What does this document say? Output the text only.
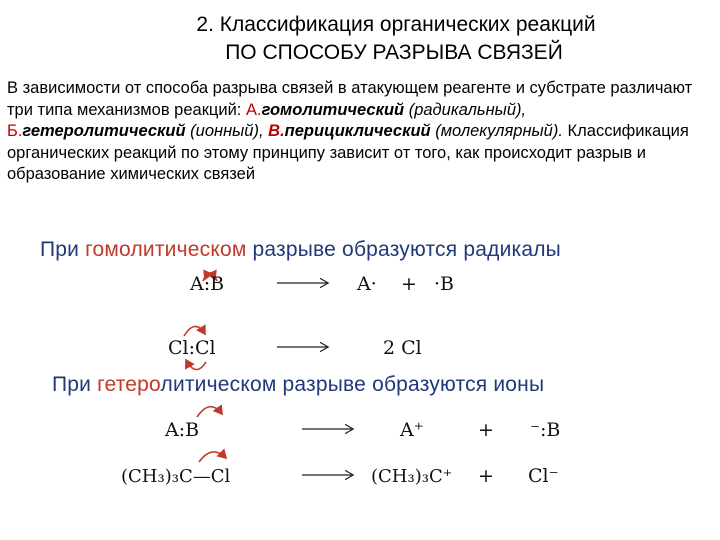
2. Классификация органических реакций

ПО СПОСОБУ РАЗРЫВА СВЯЗЕЙ

В зависимости от способа разрыва связей в атакующем реагенте и субстрате различают три типа механизмов реакций: А.гомолитический (радикальный), Б.гетеролитический (ионный), В.перициклический (молекулярный). Классификация органических реакций по этому принципу зависит от того, как происходит разрыв и образование химических связей

При гомолитическом разрыве образуются радикалы
При гетеролитическом разрыве образуются ионы
A:B	A· + ·B
Cl:Cl	2 Cl
A:B	A⁺	+ ⁻:B
(CH₃)₃C—Cl	(CH₃)₃C⁺ + Cl⁻
